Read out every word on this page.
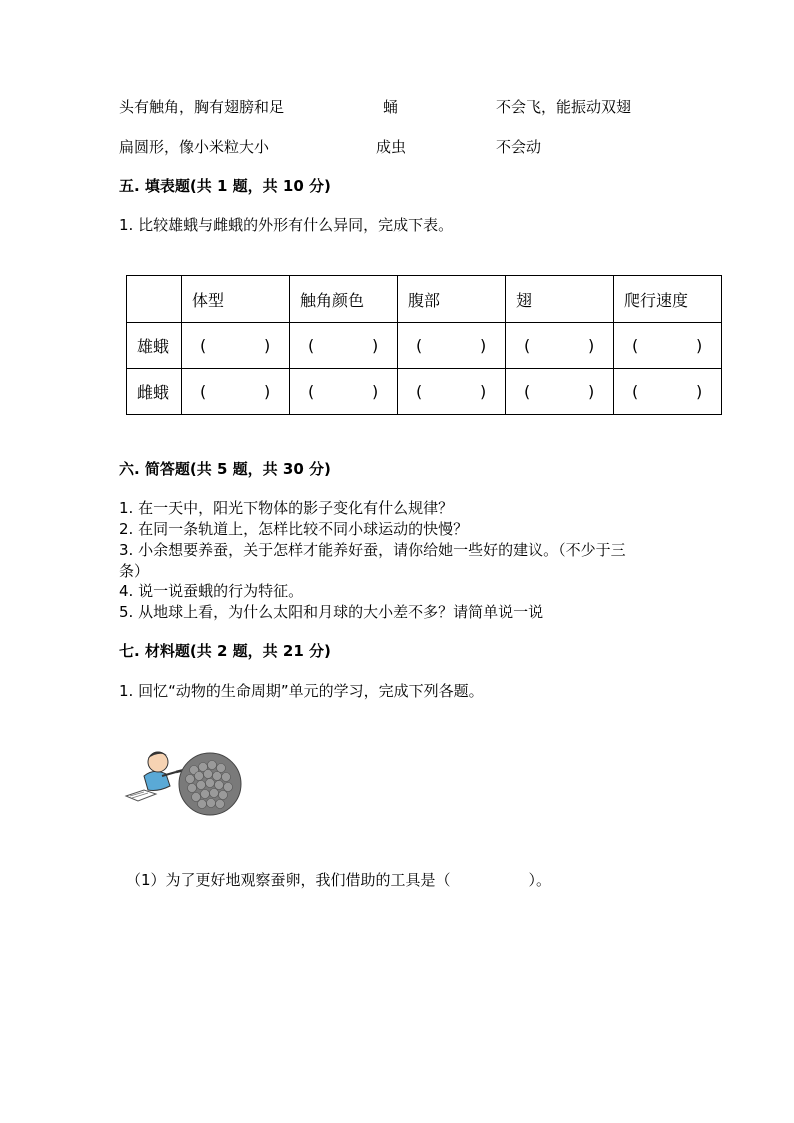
头有触角，胸有翅膀和足	蛹	不会飞，能振动双翅
扁圆形，像小米粒大小	成虫	不会动
五. 填表题(共 1 题，共 10 分)
1. 比较雄蛾与雌蛾的外形有什么异同，完成下表。
	体型	触角颜色	腹部	翅	爬行速度
雄蛾	( )	( )	( )	( )	( )
雌蛾	( )	( )	( )	( )	( )
六. 简答题(共 5 题，共 30 分)
1. 在一天中，阳光下物体的影子变化有什么规律？
2. 在同一条轨道上，怎样比较不同小球运动的快慢？
3. 小余想要养蚕，关于怎样才能养好蚕，请你给她一些好的建议。（不少于三
条）
4. 说一说蚕蛾的行为特征。
5. 从地球上看，为什么太阳和月球的大小差不多？请简单说一说
七. 材料题(共 2 题，共 21 分)
1. 回忆“动物的生命周期”单元的学习，完成下列各题。
（1）为了更好地观察蚕卵，我们借助的工具是（	）。
